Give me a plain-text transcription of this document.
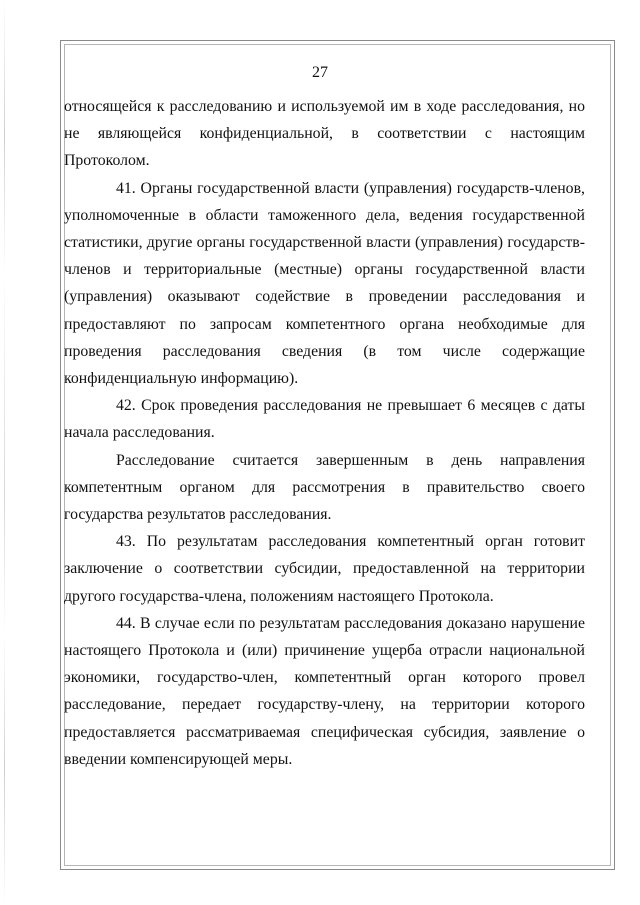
27

относящейся к расследованию и используемой им в ходе расследования, но не являющейся конфиденциальной, в соответствии с настоящим Протоколом.

41. Органы государственной власти (управления) государств-членов, уполномоченные в области таможенного дела, ведения государственной статистики, другие органы государственной власти (управления) государств-членов и территориальные (местные) органы государственной власти (управления) оказывают содействие в проведении расследования и предоставляют по запросам компетентного органа необходимые для проведения расследования сведения (в том числе содержащие конфиденциальную информацию).

42. Срок проведения расследования не превышает 6 месяцев с даты начала расследования.

Расследование считается завершенным в день направления компетентным органом для рассмотрения в правительство своего государства результатов расследования.

43. По результатам расследования компетентный орган готовит заключение о соответствии субсидии, предоставленной на территории другого государства-члена, положениям настоящего Протокола.

44. В случае если по результатам расследования доказано нарушение настоящего Протокола и (или) причинение ущерба отрасли национальной экономики, государство-член, компетентный орган которого провел расследование, передает государству-члену, на территории которого предоставляется рассматриваемая специфическая субсидия, заявление о введении компенсирующей меры.
